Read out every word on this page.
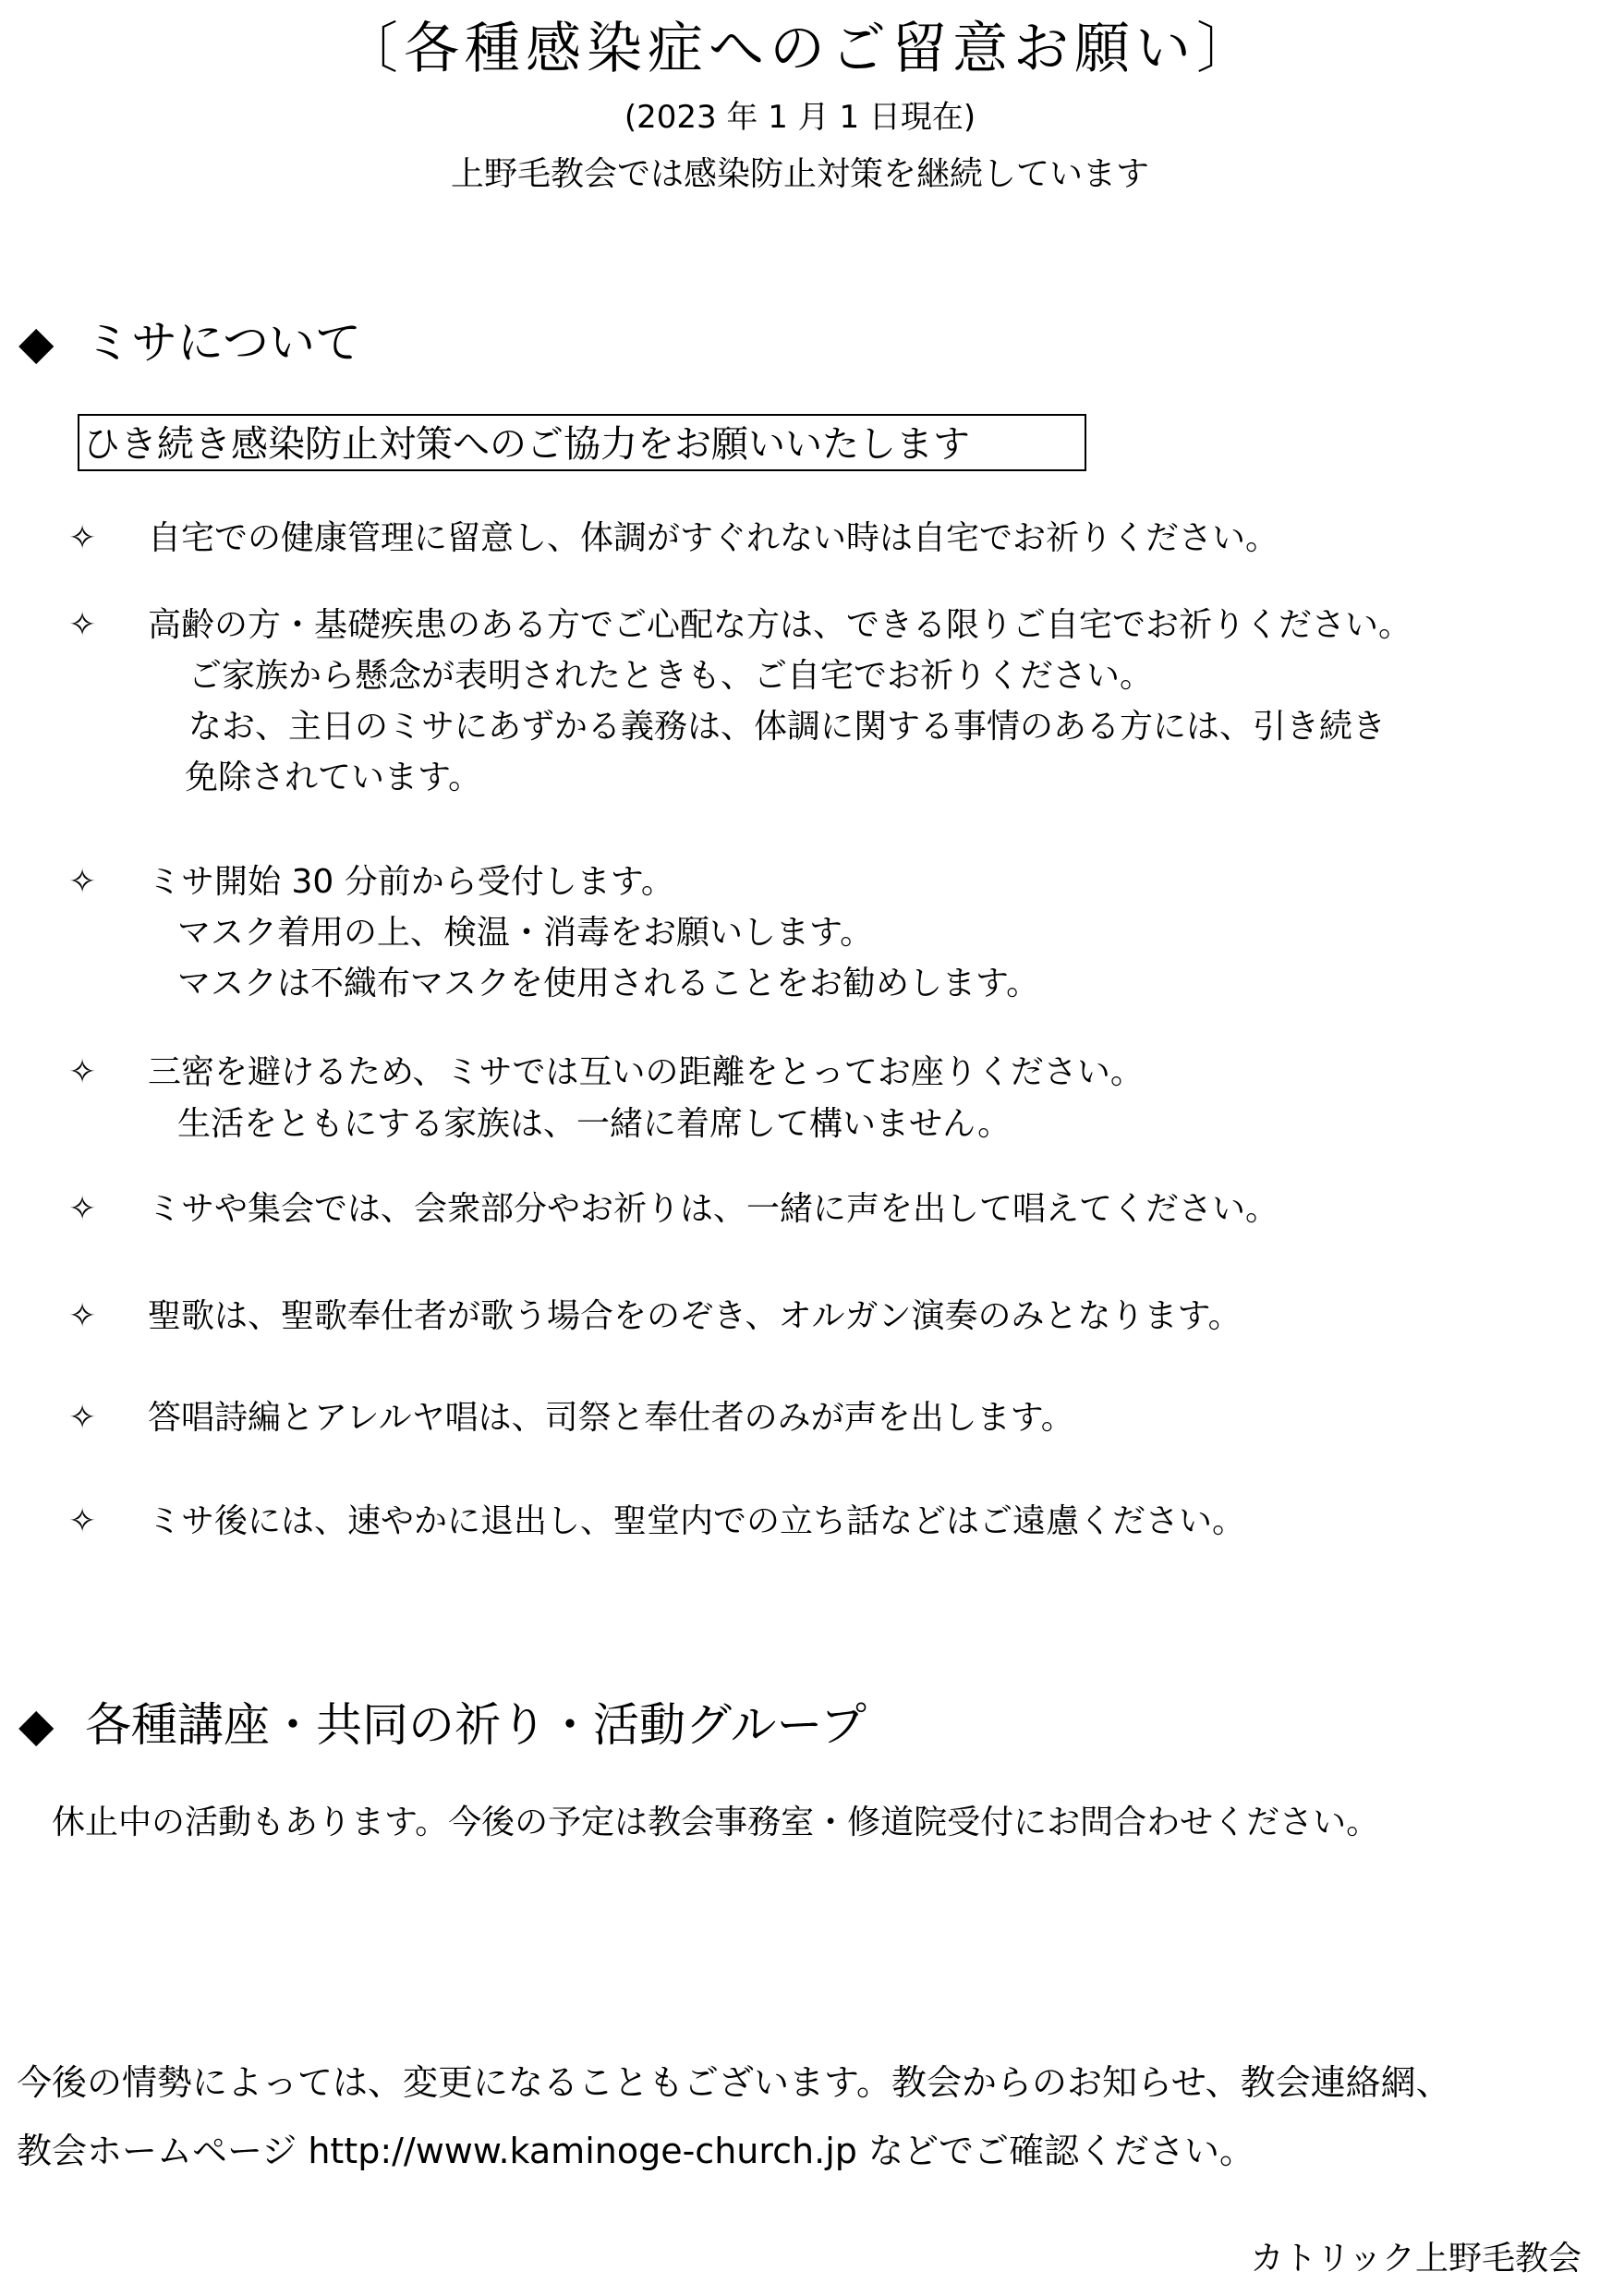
〔各種感染症へのご留意お願い〕
(2023 年 1 月 1 日現在)
上野毛教会では感染防止対策を継続しています
◆ ミサについて
ひき続き感染防止対策へのご協力をお願いいたします
✧ 自宅での健康管理に留意し、体調がすぐれない時は自宅でお祈りください。
✧ 高齢の方・基礎疾患のある方でご心配な方は、できる限りご自宅でお祈りください。
ご家族から懸念が表明されたときも、ご自宅でお祈りください。
なお、主日のミサにあずかる義務は、体調に関する事情のある方には、引き続き
免除されています。
✧ ミサ開始 30 分前から受付します。
マスク着用の上、検温・消毒をお願いします。
マスクは不織布マスクを使用されることをお勧めします。
✧ 三密を避けるため、ミサでは互いの距離をとってお座りください。
生活をともにする家族は、一緒に着席して構いません。
✧ ミサや集会では、会衆部分やお祈りは、一緒に声を出して唱えてください。
✧ 聖歌は、聖歌奉仕者が歌う場合をのぞき、オルガン演奏のみとなります。
✧ 答唱詩編とアレルヤ唱は、司祭と奉仕者のみが声を出します。
✧ ミサ後には、速やかに退出し、聖堂内での立ち話などはご遠慮ください。
◆ 各種講座・共同の祈り・活動グループ
休止中の活動もあります。今後の予定は教会事務室・修道院受付にお問合わせください。
今後の情勢によっては、変更になることもございます。教会からのお知らせ、教会連絡網、
教会ホームページ http://www.kaminoge-church.jp などでご確認ください。
カトリック上野毛教会
